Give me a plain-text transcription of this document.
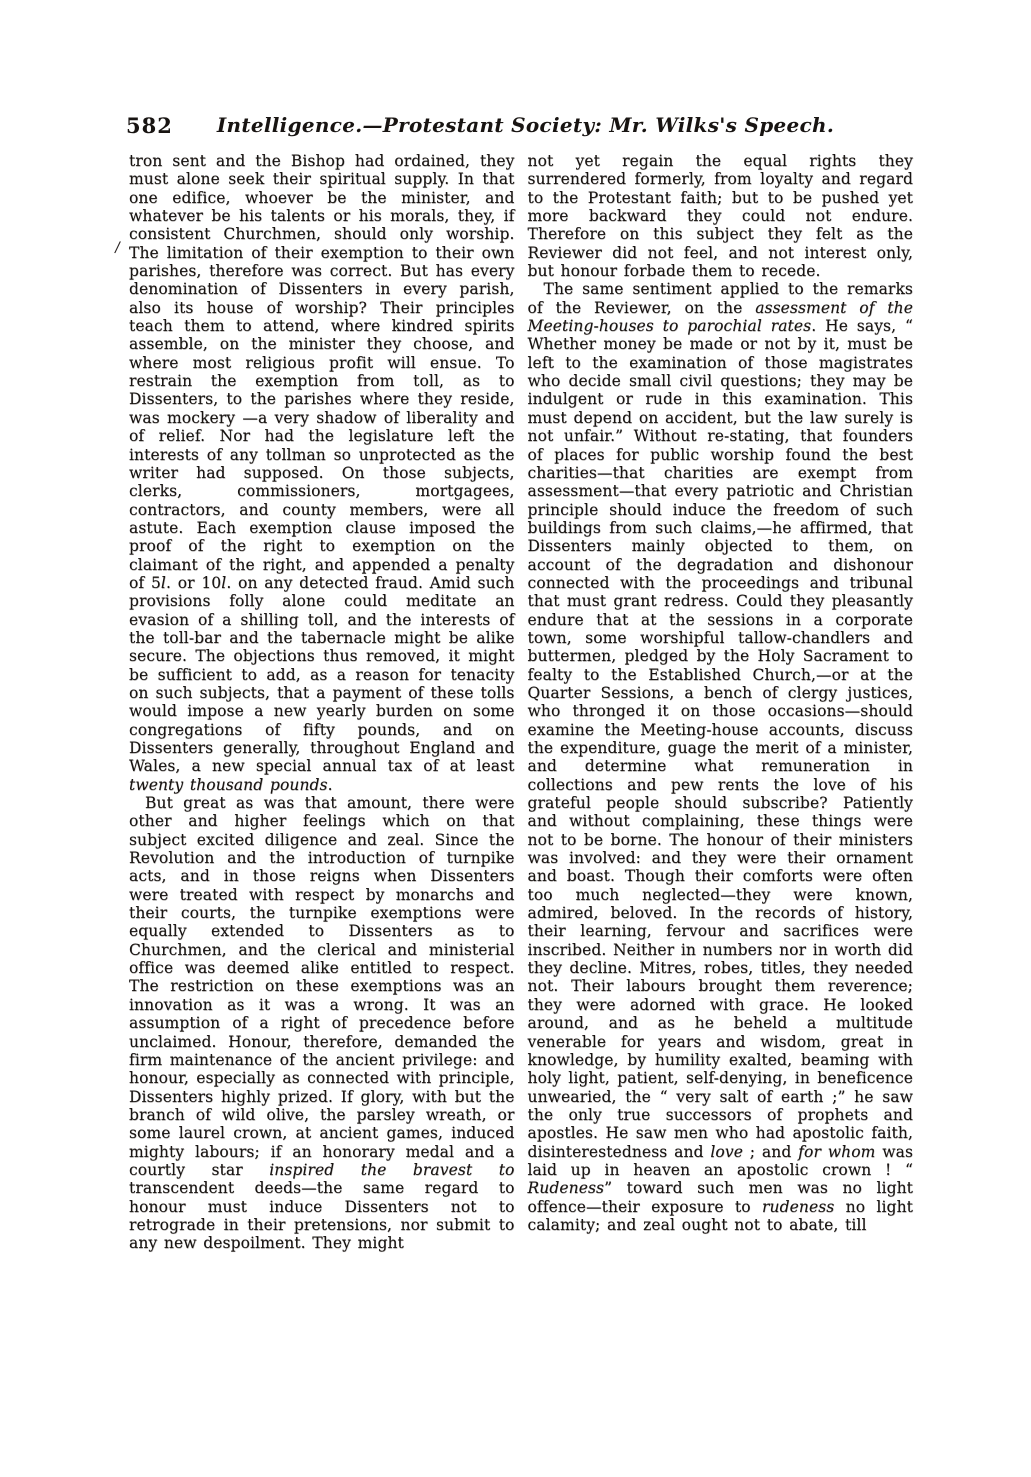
582	Intelligence.—Protestant Society: Mr. Wilks's Speech.
/

tron sent and the Bishop had ordained, they must alone seek their spiritual supply. In that one edifice, whoever be the minister, and whatever be his talents or his morals, they, if consistent Churchmen, should only worship. The limitation of their exemption to their own parishes, therefore was correct. But has every denomination of Dissenters in every parish, also its house of worship? Their principles teach them to attend, where kindred spirits assemble, on the minister they choose, and where most religious profit will ensue. To restrain the exemption from toll, as to Dissenters, to the parishes where they reside, was mockery —a very shadow of liberality and of relief. Nor had the legislature left the interests of any tollman so unprotected as the writer had supposed. On those subjects, clerks, commissioners, mortgagees, contractors, and county members, were all astute. Each exemption clause imposed the proof of the right to exemption on the claimant of the right, and appended a penalty of 5l. or 10l. on any detected fraud. Amid such provisions folly alone could meditate an evasion of a shilling toll, and the interests of the toll-bar and the tabernacle might be alike secure. The objections thus removed, it might be sufficient to add, as a reason for tenacity on such subjects, that a payment of these tolls would impose a new yearly burden on some congregations of fifty pounds, and on Dissenters generally, throughout England and Wales, a new special annual tax of at least twenty thousand pounds.

But great as was that amount, there were other and higher feelings which on that subject excited diligence and zeal. Since the Revolution and the introduction of turnpike acts, and in those reigns when Dissenters were treated with respect by monarchs and their courts, the turnpike exemptions were equally extended to Dissenters as to Churchmen, and the clerical and ministerial office was deemed alike entitled to respect. The restriction on these exemptions was an innovation as it was a wrong. It was an assumption of a right of precedence before unclaimed. Honour, therefore, demanded the firm maintenance of the ancient privilege: and honour, especially as connected with principle, Dissenters highly prized. If glory, with but the branch of wild olive, the parsley wreath, or some laurel crown, at ancient games, induced mighty labours; if an honorary medal and a courtly star inspired the bravest to transcendent deeds—the same regard to honour must induce Dissenters not to retrograde in their pretensions, nor submit to any new despoilment. They might

not yet regain the equal rights they surrendered formerly, from loyalty and regard to the Protestant faith; but to be pushed yet more backward they could not endure. Therefore on this subject they felt as the Reviewer did not feel, and not interest only, but honour forbade them to recede.

The same sentiment applied to the remarks of the Reviewer, on the assessment of the Meeting-houses to parochial rates. He says, “ Whether money be made or not by it, must be left to the examination of those magistrates who decide small civil questions; they may be indulgent or rude in this examination. This must depend on accident, but the law surely is not unfair.” Without re-stating, that founders of places for public worship found the best charities—that charities are exempt from assessment—that every patriotic and Christian principle should induce the freedom of such buildings from such claims,—he affirmed, that Dissenters mainly objected to them, on account of the degradation and dishonour connected with the proceedings and tribunal that must grant redress. Could they pleasantly endure that at the sessions in a corporate town, some worshipful tallow-chandlers and buttermen, pledged by the Holy Sacrament to fealty to the Established Church,—or at the Quarter Sessions, a bench of clergy justices, who thronged it on those occasions—should examine the Meeting-house accounts, discuss the expenditure, guage the merit of a minister, and determine what remuneration in collections and pew rents the love of his grateful people should subscribe? Patiently and without complaining, these things were not to be borne. The honour of their ministers was involved: and they were their ornament and boast. Though their comforts were often too much neglected—they were known, admired, beloved. In the records of history, their learning, fervour and sacrifices were inscribed. Neither in numbers nor in worth did they decline. Mitres, robes, titles, they needed not. Their labours brought them reverence; they were adorned with grace. He looked around, and as he beheld a multitude venerable for years and wisdom, great in knowledge, by humility exalted, beaming with holy light, patient, self-denying, in beneficence unwearied, the “ very salt of earth ;” he saw the only true successors of prophets and apostles. He saw men who had apostolic faith, disinterestedness and love ; and for whom was laid up in heaven an apostolic crown ! “ Rudeness” toward such men was no light offence—their exposure to rudeness no light calamity; and zeal ought not to abate, till
